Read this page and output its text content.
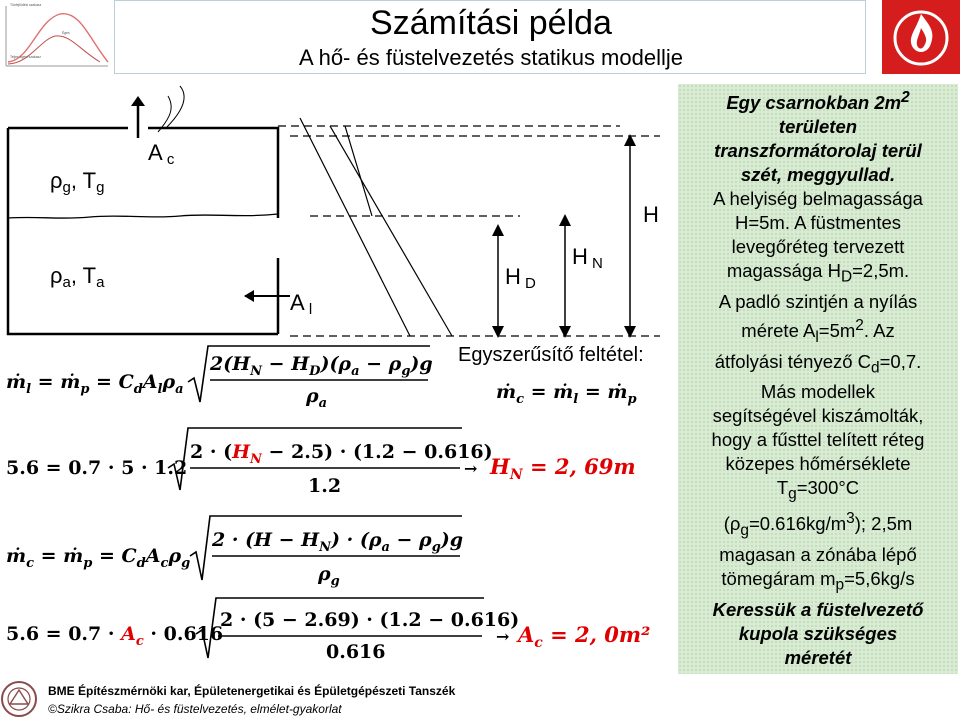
Tűzfejlődési szakasz
Égés
Teljes égési szakasz
Számítási példa
A hő- és füstelvezetés statikus modellje
ρg, Tg
ρa, Ta
A c
A l
H
H N
H D
Egyszerűsítő feltétel:
ṁ$_l$ = ṁ$_p$ = $C_dA_l\rho_a$
$2(H_N - H_D)(\rho_a - \rho_g)g$
$\rho_a$
ṁ$_c$ = ṁ$_l$ = ṁ$_p$
5.6 = 0.7 · 5 · 1.2
$2 \cdot (H_N - 2.5) \cdot (1.2 - 0.616)$
1.2
→ $H_N = 2$, 69m
ṁ$_c$ = ṁ$_p$ = $C_dA_c\rho_g$
$2 \cdot (H - H_N) \cdot (\rho_a - \rho_g)g$
$\rho_g$
$5.6 = 0.7 \cdot A_c \cdot 0.616$
2 · (5 − 2.69) · (1.2 − 0.616)
0.616
→ $A_c = 2$, 0m²

Egy csarnokban $2m^2$
területen
transzformátorolaj terül
szét, meggyullad.

A helyiség belmagassága
H=5m. A füstmentes
levegőréteg tervezett
magassága $H_D=2,5m$.
A padló szintjén a nyílás
mérete $A_l=5m^2$. Az
átfolyási tényező $C_d=0,7$.
Más modellek
segítségével kiszámolták,
hogy a fűsttel telített réteg
közepes hőmérséklete
$T_g=300^\circ C$
$(\rho_g=0.616kg/m^3)$; 2,5m
magasan a zónába lépő
tömegáram $m_p=5,6kg/s$

Keressük a füstelvezető
kupola szükséges
méretét

BME Építészmérnöki kar, Épületenergetikai és Épületgépészeti Tanszék
©Szikra Csaba: Hő- és füstelvezetés, elmélet-gyakorlat
